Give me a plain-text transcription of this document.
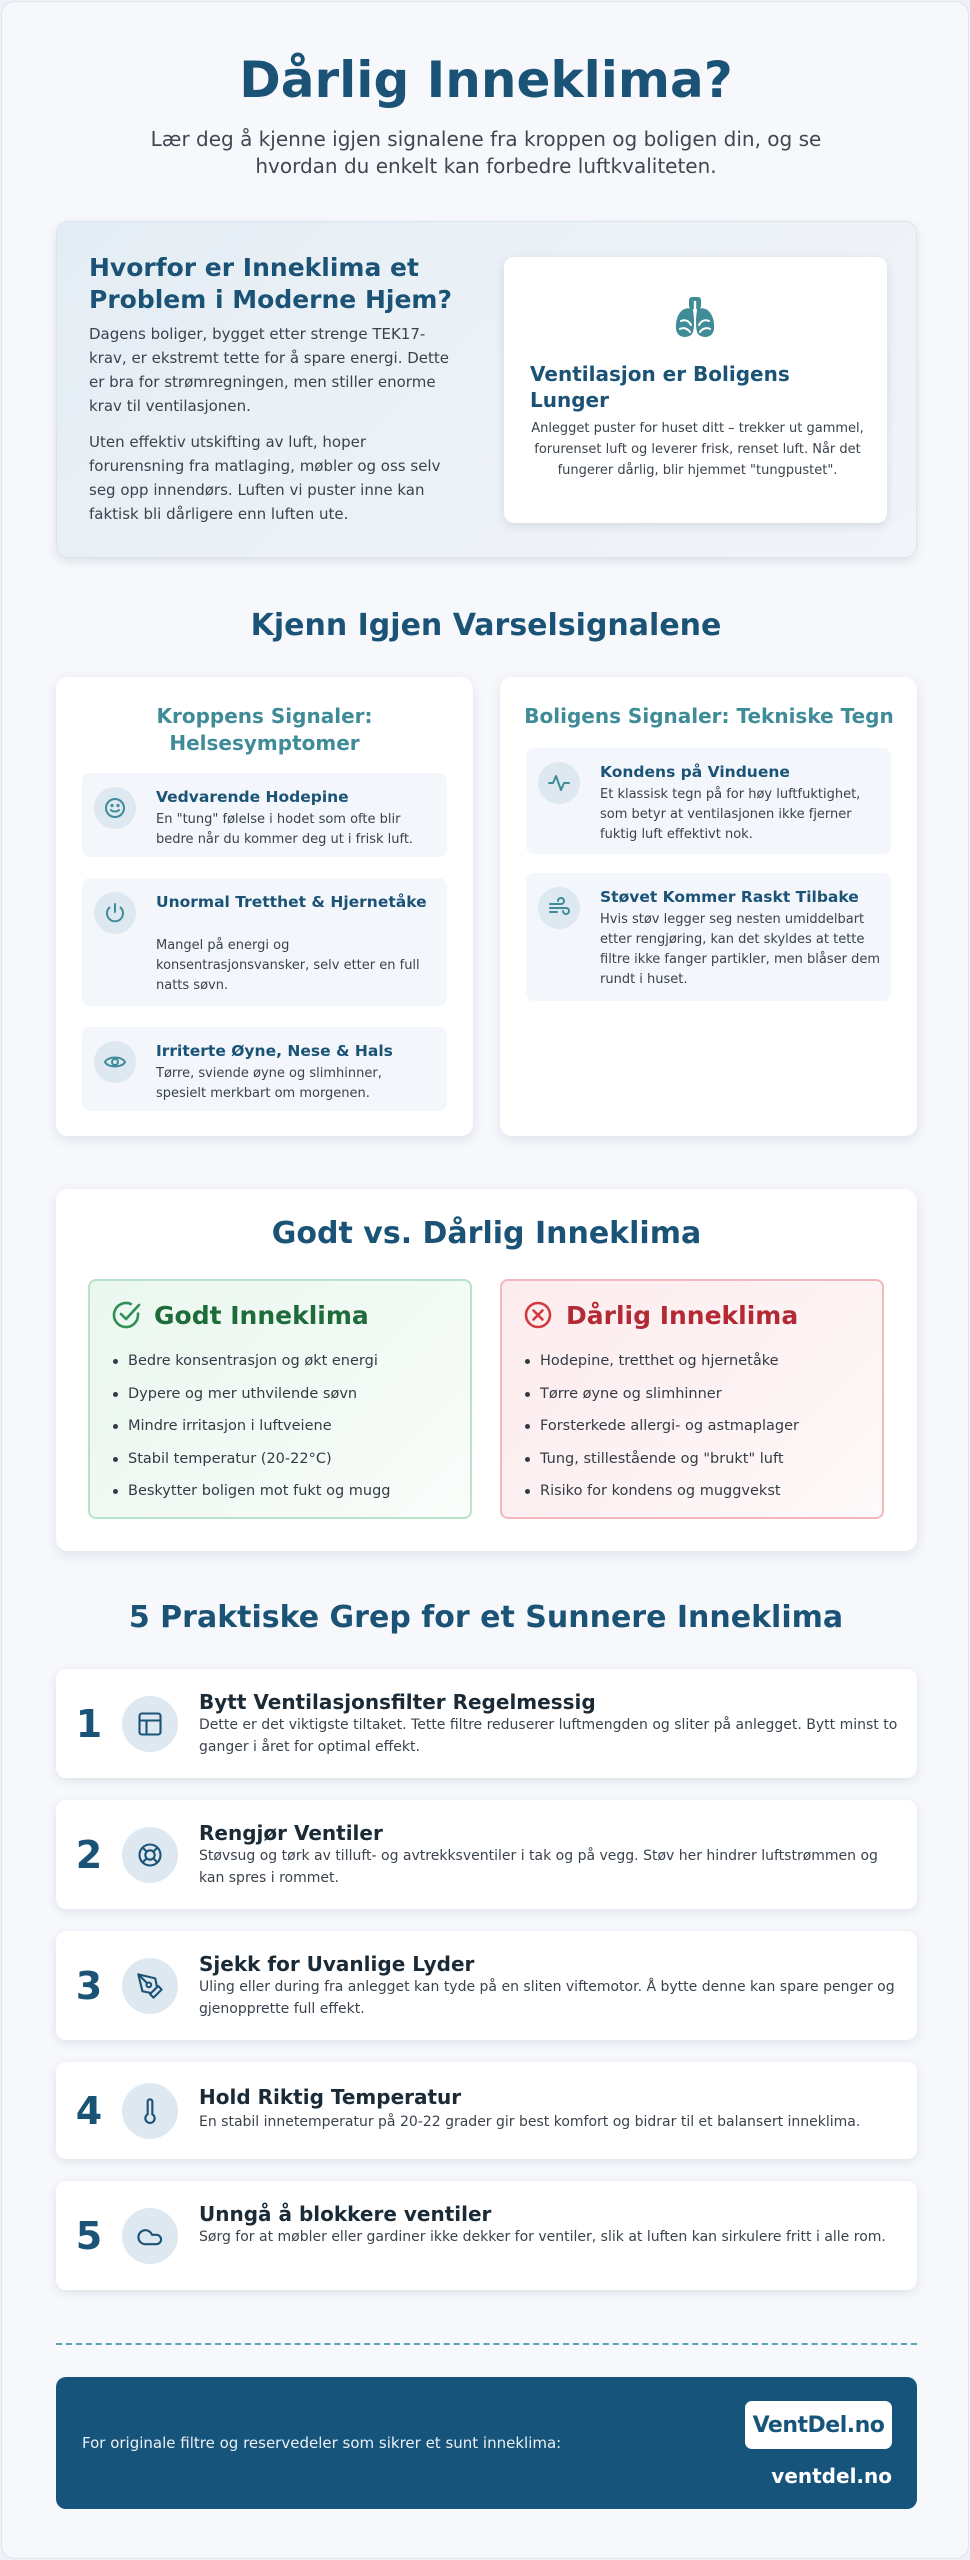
Dårlig Inneklima?

Lær deg å kjenne igjen signalene fra kroppen og boligen din, og se hvordan du enkelt kan forbedre luftkvaliteten.

Hvorfor er Inneklima et Problem i Moderne Hjem?

Dagens boliger, bygget etter strenge TEK17-krav, er ekstremt tette for å spare energi. Dette er bra for strømregningen, men stiller enorme krav til ventilasjonen.

Uten effektiv utskifting av luft, hoper forurensning fra matlaging, møbler og oss selv seg opp innendørs. Luften vi puster inne kan faktisk bli dårligere enn luften ute.

Ventilasjon er Boligens Lunger

Anlegget puster for huset ditt – trekker ut gammel, forurenset luft og leverer frisk, renset luft. Når det fungerer dårlig, blir hjemmet "tungpustet".

Kjenn Igjen Varselsignalene
Kroppens Signaler: Helsesymptomer
Vedvarende Hodepine

En "tung" følelse i hodet som ofte blir bedre når du kommer deg ut i frisk luft.

Unormal Tretthet & Hjernetåke

Mangel på energi og konsentrasjonsvansker, selv etter en full natts søvn.

Irriterte Øyne, Nese & Hals

Tørre, sviende øyne og slimhinner, spesielt merkbart om morgenen.

Boligens Signaler: Tekniske Tegn
Kondens på Vinduene

Et klassisk tegn på for høy luftfuktighet, som betyr at ventilasjonen ikke fjerner fuktig luft effektivt nok.

Støvet Kommer Raskt Tilbake

Hvis støv legger seg nesten umiddelbart etter rengjøring, kan det skyldes at tette filtre ikke fanger partikler, men blåser dem rundt i huset.

Godt vs. Dårlig Inneklima
Godt Inneklima
Bedre konsentrasjon og økt energi
Dypere og mer uthvilende søvn
Mindre irritasjon i luftveiene
Stabil temperatur (20-22°C)
Beskytter boligen mot fukt og mugg
Dårlig Inneklima
Hodepine, tretthet og hjernetåke
Tørre øyne og slimhinner
Forsterkede allergi- og astmaplager
Tung, stillestående og "brukt" luft
Risiko for kondens og muggvekst
5 Praktiske Grep for et Sunnere Inneklima
1	Bytt Ventilasjonsfilter Regelmessig

Dette er det viktigste tiltaket. Tette filtre reduserer luftmengden og sliter på anlegget. Bytt minst to ganger i året for optimal effekt.

2	Rengjør Ventiler

Støvsug og tørk av tilluft- og avtrekksventiler i tak og på vegg. Støv her hindrer luftstrømmen og kan spres i rommet.

3	Sjekk for Uvanlige Lyder

Uling eller during fra anlegget kan tyde på en sliten viftemotor. Å bytte denne kan spare penger og gjenopprette full effekt.

4	Hold Riktig Temperatur

En stabil innetemperatur på 20-22 grader gir best komfort og bidrar til et balansert inneklima.

5	Unngå å blokkere ventiler

Sørg for at møbler eller gardiner ikke dekker for ventiler, slik at luften kan sirkulere fritt i alle rom.

For originale filtre og reservedeler som sikrer et sunt inneklima:
VentDel.no
ventdel.no
